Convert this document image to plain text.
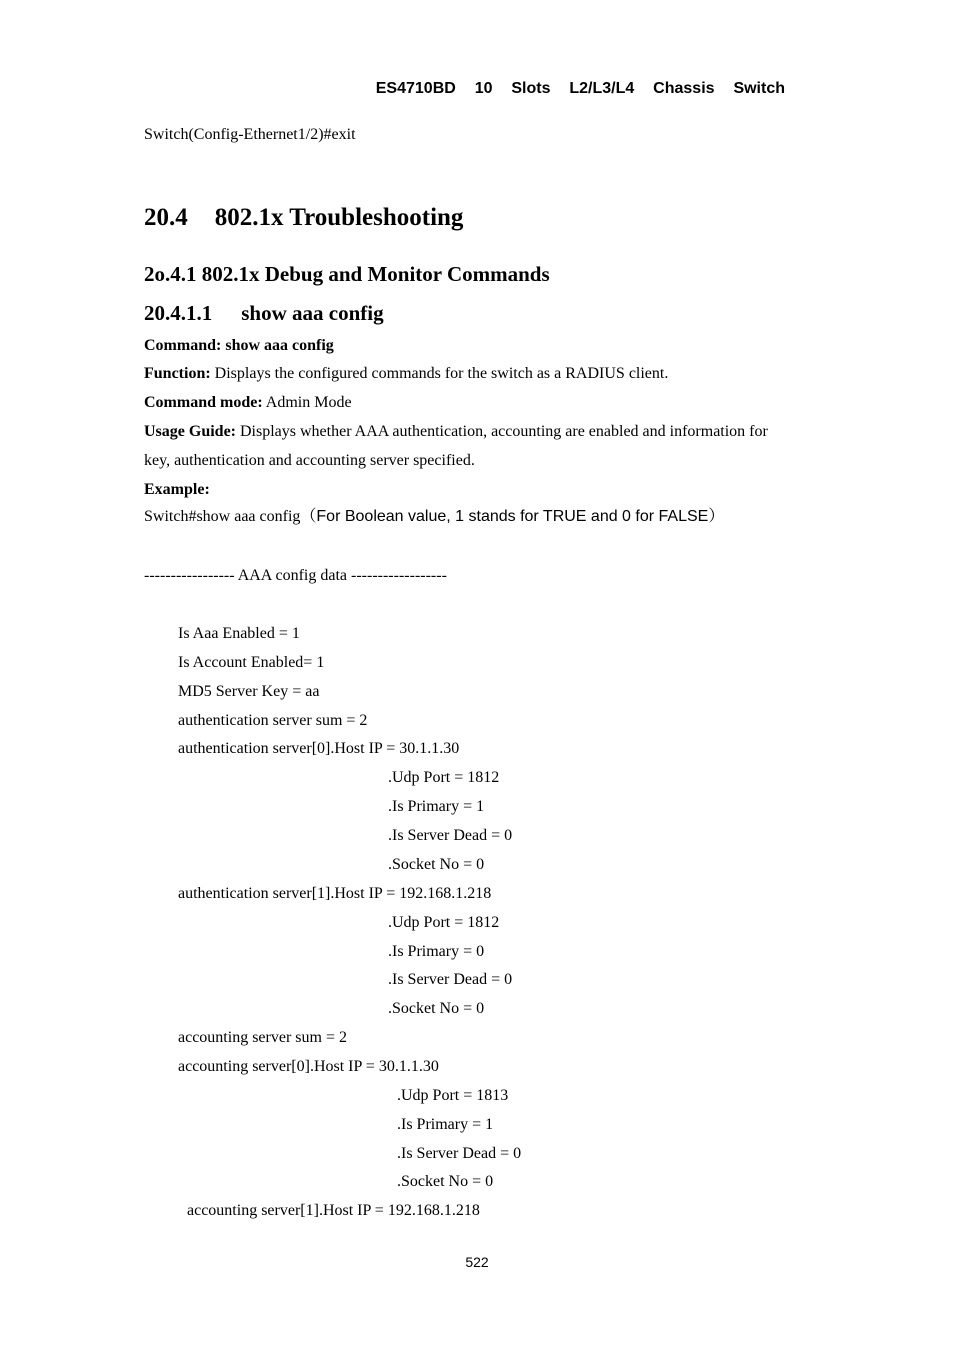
ES4710BD  10  Slots  L2/L3/L4  Chassis  Switch
Switch(Config-Ethernet1/2)#exit
20.4 802.1x Troubleshooting
2o.4.1 802.1x Debug and Monitor Commands
20.4.1.1 show aaa config
Command: show aaa config
Function: Displays the configured commands for the switch as a RADIUS client.
Command mode: Admin Mode
Usage Guide: Displays whether AAA authentication, accounting are enabled and information for
key, authentication and accounting server specified.
Example:
Switch#show aaa config（For Boolean value, 1 stands for TRUE and 0 for FALSE）
----------------- AAA config data ------------------
Is Aaa Enabled = 1
Is Account Enabled= 1
MD5 Server Key = aa
authentication server sum = 2
authentication server[0].Host IP = 30.1.1.30
.Udp Port = 1812
.Is Primary = 1
.Is Server Dead = 0
.Socket No = 0
authentication server[1].Host IP = 192.168.1.218
.Udp Port = 1812
.Is Primary = 0
.Is Server Dead = 0
.Socket No = 0
accounting server sum = 2
accounting server[0].Host IP = 30.1.1.30
.Udp Port = 1813
.Is Primary = 1
.Is Server Dead = 0
.Socket No = 0
accounting server[1].Host IP = 192.168.1.218
522
